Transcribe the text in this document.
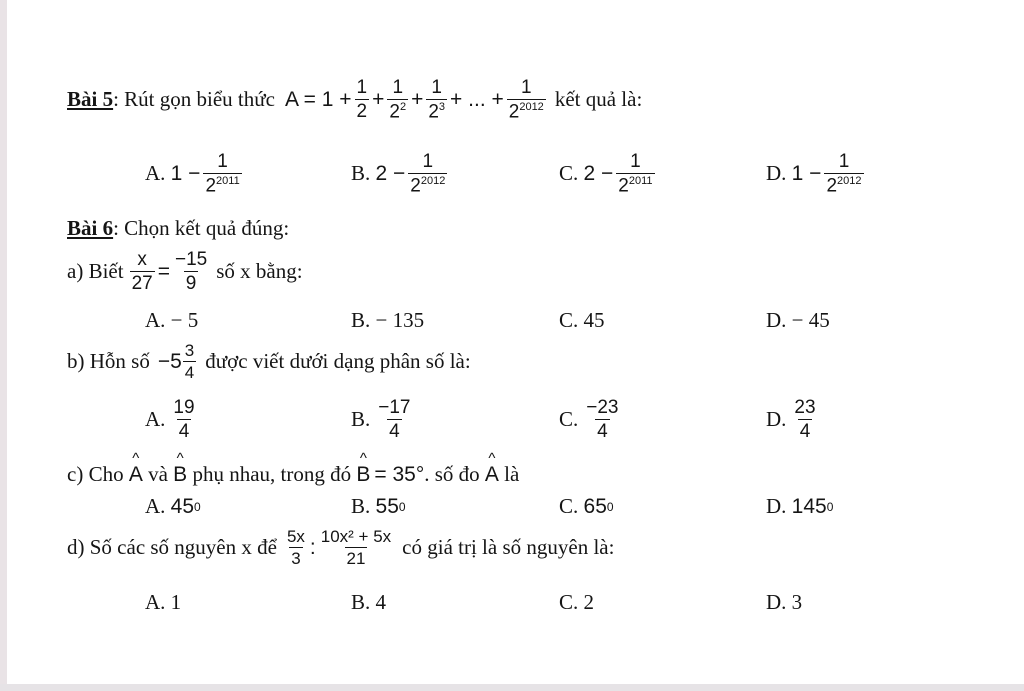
Bài 5 : Rút gọn biểu thức $A = 1 + \frac{1}{2} + \frac{1}{2^2} + \frac{1}{2^3}$ + ... + $\frac{1}{2^{2012}}$ kết quả là:
A.
$1 - \frac{1}{2^{2011}}$	B.
$2 - \frac{1}{2^{2012}}$	C.
$2 - \frac{1}{2^{2011}}$	D.
$1 - \frac{1}{2^{2012}}$
Bài 6 : Chọn kết quả đúng:
a) Biết $\frac{x}{27} = \frac{-15}{9}$ số x bằng:
A. − 5	B. − 135	C. 45	D. − 45
b) Hỗn số $-5 \frac{3}{4}$ được viết dưới dạng phân số là:
A. $\frac{19}{4}$	B. $\frac{-17}{4}$	C. $\frac{-23}{4}$	D. $\frac{23}{4}$
c) Cho
^ A
và
^ B
phụ nhau, trong đó
^ B = 35° . số đo
^ A
là
A.
45 0	B.
55 0	C.
65 0	D.
145 0
d) Số các số nguyên x để $\frac{5x}{3}$ : $\frac{\text{10x² + 5x}}{21}$ có giá trị là số nguyên là:
A. 1	B. 4	C. 2	D. 3
